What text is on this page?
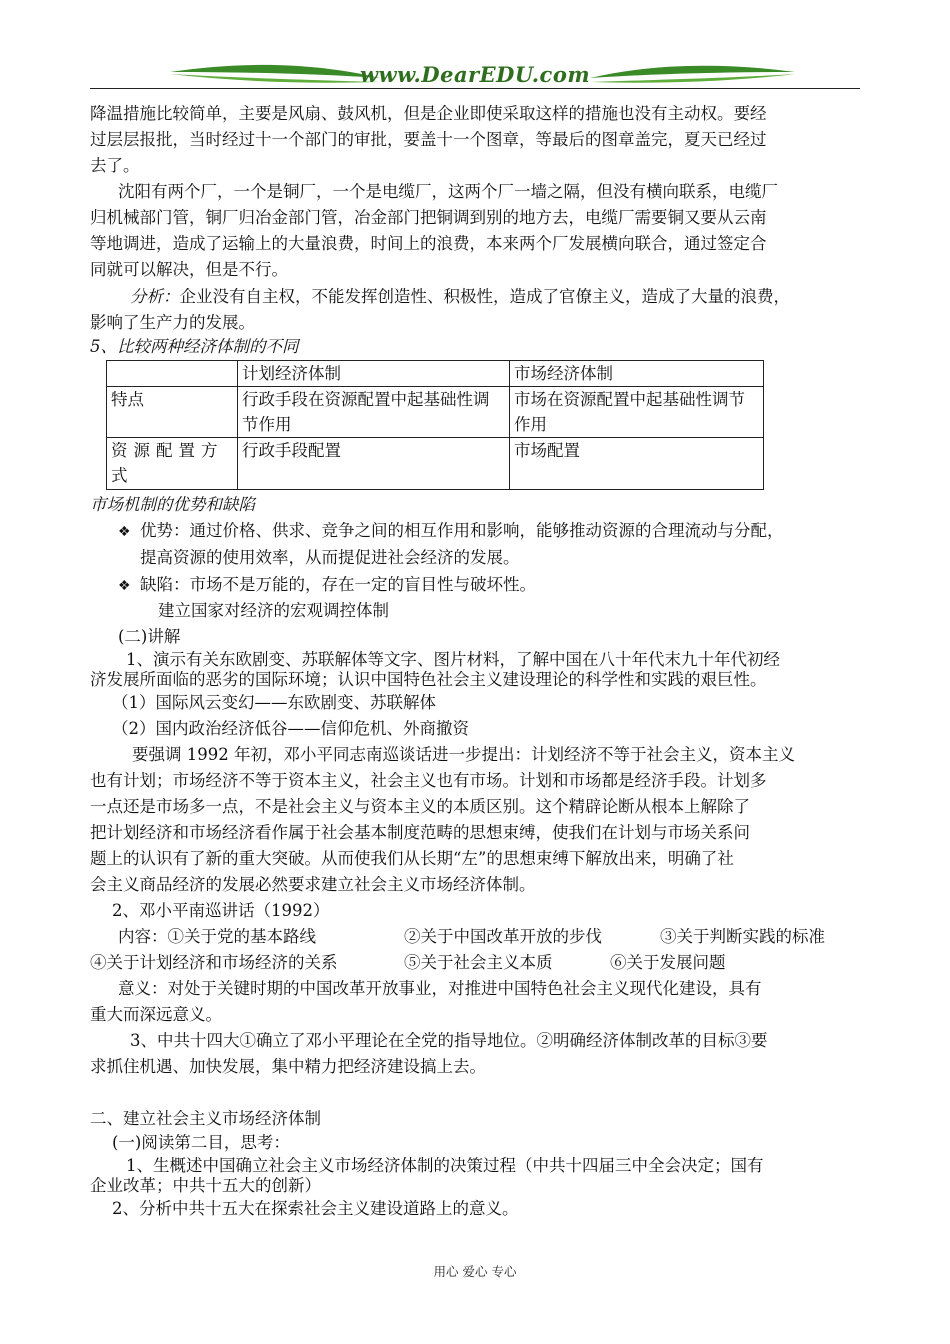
www.DearEDU.com
降温措施比较简单，主要是风扇、鼓风机，但是企业即使采取这样的措施也没有主动权。要经
过层层报批，当时经过十一个部门的审批，要盖十一个图章，等最后的图章盖完，夏天已经过
去了。
沈阳有两个厂，一个是铜厂，一个是电缆厂，这两个厂一墙之隔，但没有横向联系，电缆厂
归机械部门管，铜厂归冶金部门管，冶金部门把铜调到别的地方去，电缆厂需要铜又要从云南
等地调进，造成了运输上的大量浪费，时间上的浪费，本来两个厂发展横向联合，通过签定合
同就可以解决，但是不行。
分析：企业没有自主权，不能发挥创造性、积极性，造成了官僚主义，造成了大量的浪费，
影响了生产力的发展。
5、比较两种经济体制的不同
	计划经济体制	市场经济体制
特点	行政手段在资源配置中起基础性调节作用	市场在资源配置中起基础性调节作用
资源配置方式	行政手段配置	市场配置
市场机制的优势和缺陷
❖ 优势：通过价格、供求、竞争之间的相互作用和影响，能够推动资源的合理流动与分配，
提高资源的使用效率，从而提促进社会经济的发展。
❖ 缺陷：市场不是万能的，存在一定的盲目性与破坏性。
建立国家对经济的宏观调控体制
(二)讲解
1、演示有关东欧剧变、苏联解体等文字、图片材料，了解中国在八十年代末九十年代初经
济发展所面临的恶劣的国际环境；认识中国特色社会主义建设理论的科学性和实践的艰巨性。
（1）国际风云变幻——东欧剧变、苏联解体
（2）国内政治经济低谷——信仰危机、外商撤资
要强调 1992 年初，邓小平同志南巡谈话进一步提出：计划经济不等于社会主义，资本主义
也有计划；市场经济不等于资本主义，社会主义也有市场。计划和市场都是经济手段。计划多
一点还是市场多一点，不是社会主义与资本主义的本质区别。这个精辟论断从根本上解除了
把计划经济和市场经济看作属于社会基本制度范畴的思想束缚，使我们在计划与市场关系问
题上的认识有了新的重大突破。从而使我们从长期“左”的思想束缚下解放出来，明确了社
会主义商品经济的发展必然要求建立社会主义市场经济体制。
2、邓小平南巡讲话（1992）
内容：①关于党的基本路线	②关于中国改革开放的步伐	③关于判断实践的标准
④关于计划经济和市场经济的关系	⑤关于社会主义本质	⑥关于发展问题
意义：对处于关键时期的中国改革开放事业，对推进中国特色社会主义现代化建设，具有
重大而深远意义。
3、中共十四大①确立了邓小平理论在全党的指导地位。②明确经济体制改革的目标③要
求抓住机遇、加快发展，集中精力把经济建设搞上去。
二、建立社会主义市场经济体制
(一)阅读第二目，思考：
1、生概述中国确立社会主义市场经济体制的决策过程（中共十四届三中全会决定；国有
企业改革；中共十五大的创新）
2、分析中共十五大在探索社会主义建设道路上的意义。
用心 爱心 专心
